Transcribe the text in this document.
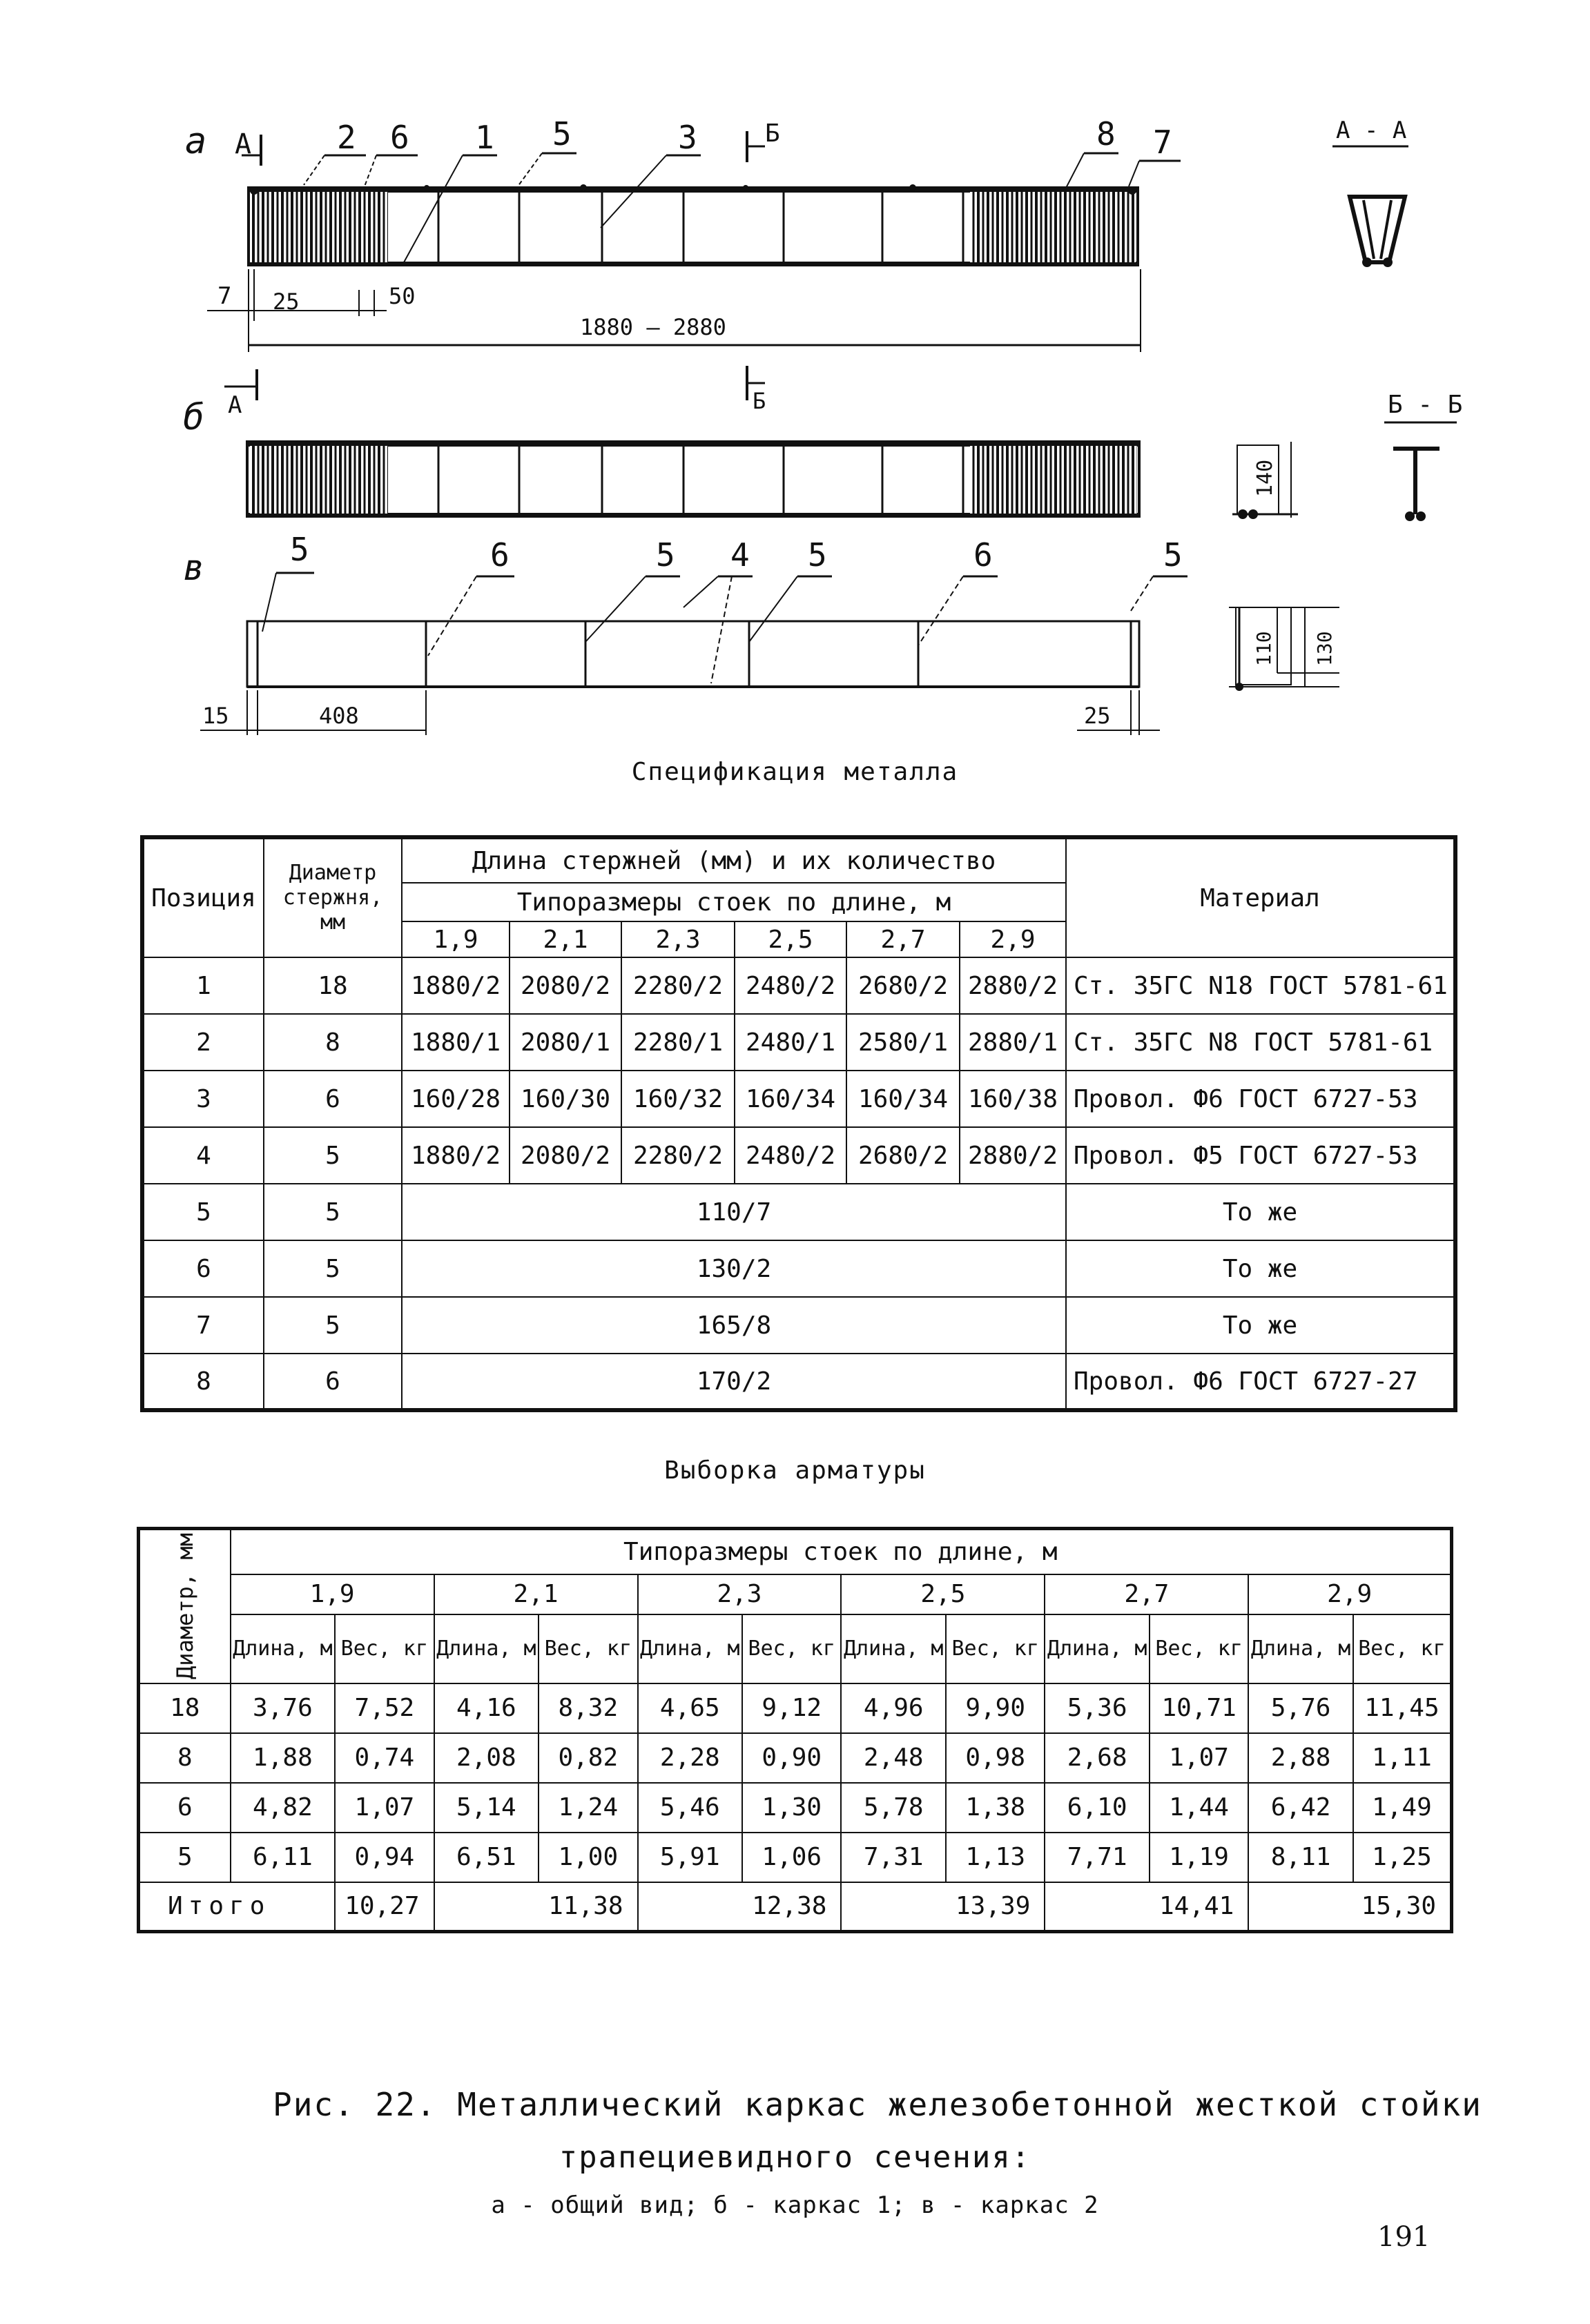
а А	2 6 1 5	3	8 7
Б
7 25	50
1880 — 2880
б А	Б
140
в	5	6	5 4 5	6	5
15	408	25
110 130
А - А
Б - Б
Спецификация металла
Позиция	Диаметр стержня, мм	Длина стержней (мм) и их количество						Материал
		Типоразмеры стоек по длине, м						
		1,9	2,1	2,3	2,5	2,7	2,9	
1	18	1880/2	2080/2	2280/2	2480/2	2680/2	2880/2	Ст. 35ГС N18 ГОСТ 5781-61
2	8	1880/1	2080/1	2280/1	2480/1	2580/1	2880/1	Ст. 35ГС N8 ГОСТ 5781-61
3	6	160/28	160/30	160/32	160/34	160/34	160/38	Провол. Ф6 ГОСТ 6727-53
4	5	1880/2	2080/2	2280/2	2480/2	2680/2	2880/2	Провол. Ф5 ГОСТ 6727-53
5	5	110/7						То же
6	5	130/2						То же
7	5	165/8						То же
8	6	170/2						Провол. Ф6 ГОСТ 6727-27
Выборка арматуры
Диаметр, мм	Типоразмеры стоек по длине, м											
	1,9		2,1		2,3		2,5		2,7		2,9	
	Длина, м	Вес, кг	Длина, м	Вес, кг	Длина, м	Вес, кг	Длина, м	Вес, кг	Длина, м	Вес, кг	Длина, м	Вес, кг
18	3,76	7,52	4,16	8,32	4,65	9,12	4,96	9,90	5,36	10,71	5,76	11,45
8	1,88	0,74	2,08	0,82	2,28	0,90	2,48	0,98	2,68	1,07	2,88	1,11
6	4,82	1,07	5,14	1,24	5,46	1,30	5,78	1,38	6,10	1,44	6,42	1,49
5	6,11	0,94	6,51	1,00	5,91	1,06	7,31	1,13	7,71	1,19	8,11	1,25
Итого		10,27	11,38		12,38		13,39		14,41		15,30	
Рис. 22. Металлический каркас железобетонной жесткой стойки
трапециевидного сечения:
а - общий вид; б - каркас 1; в - каркас 2
191
